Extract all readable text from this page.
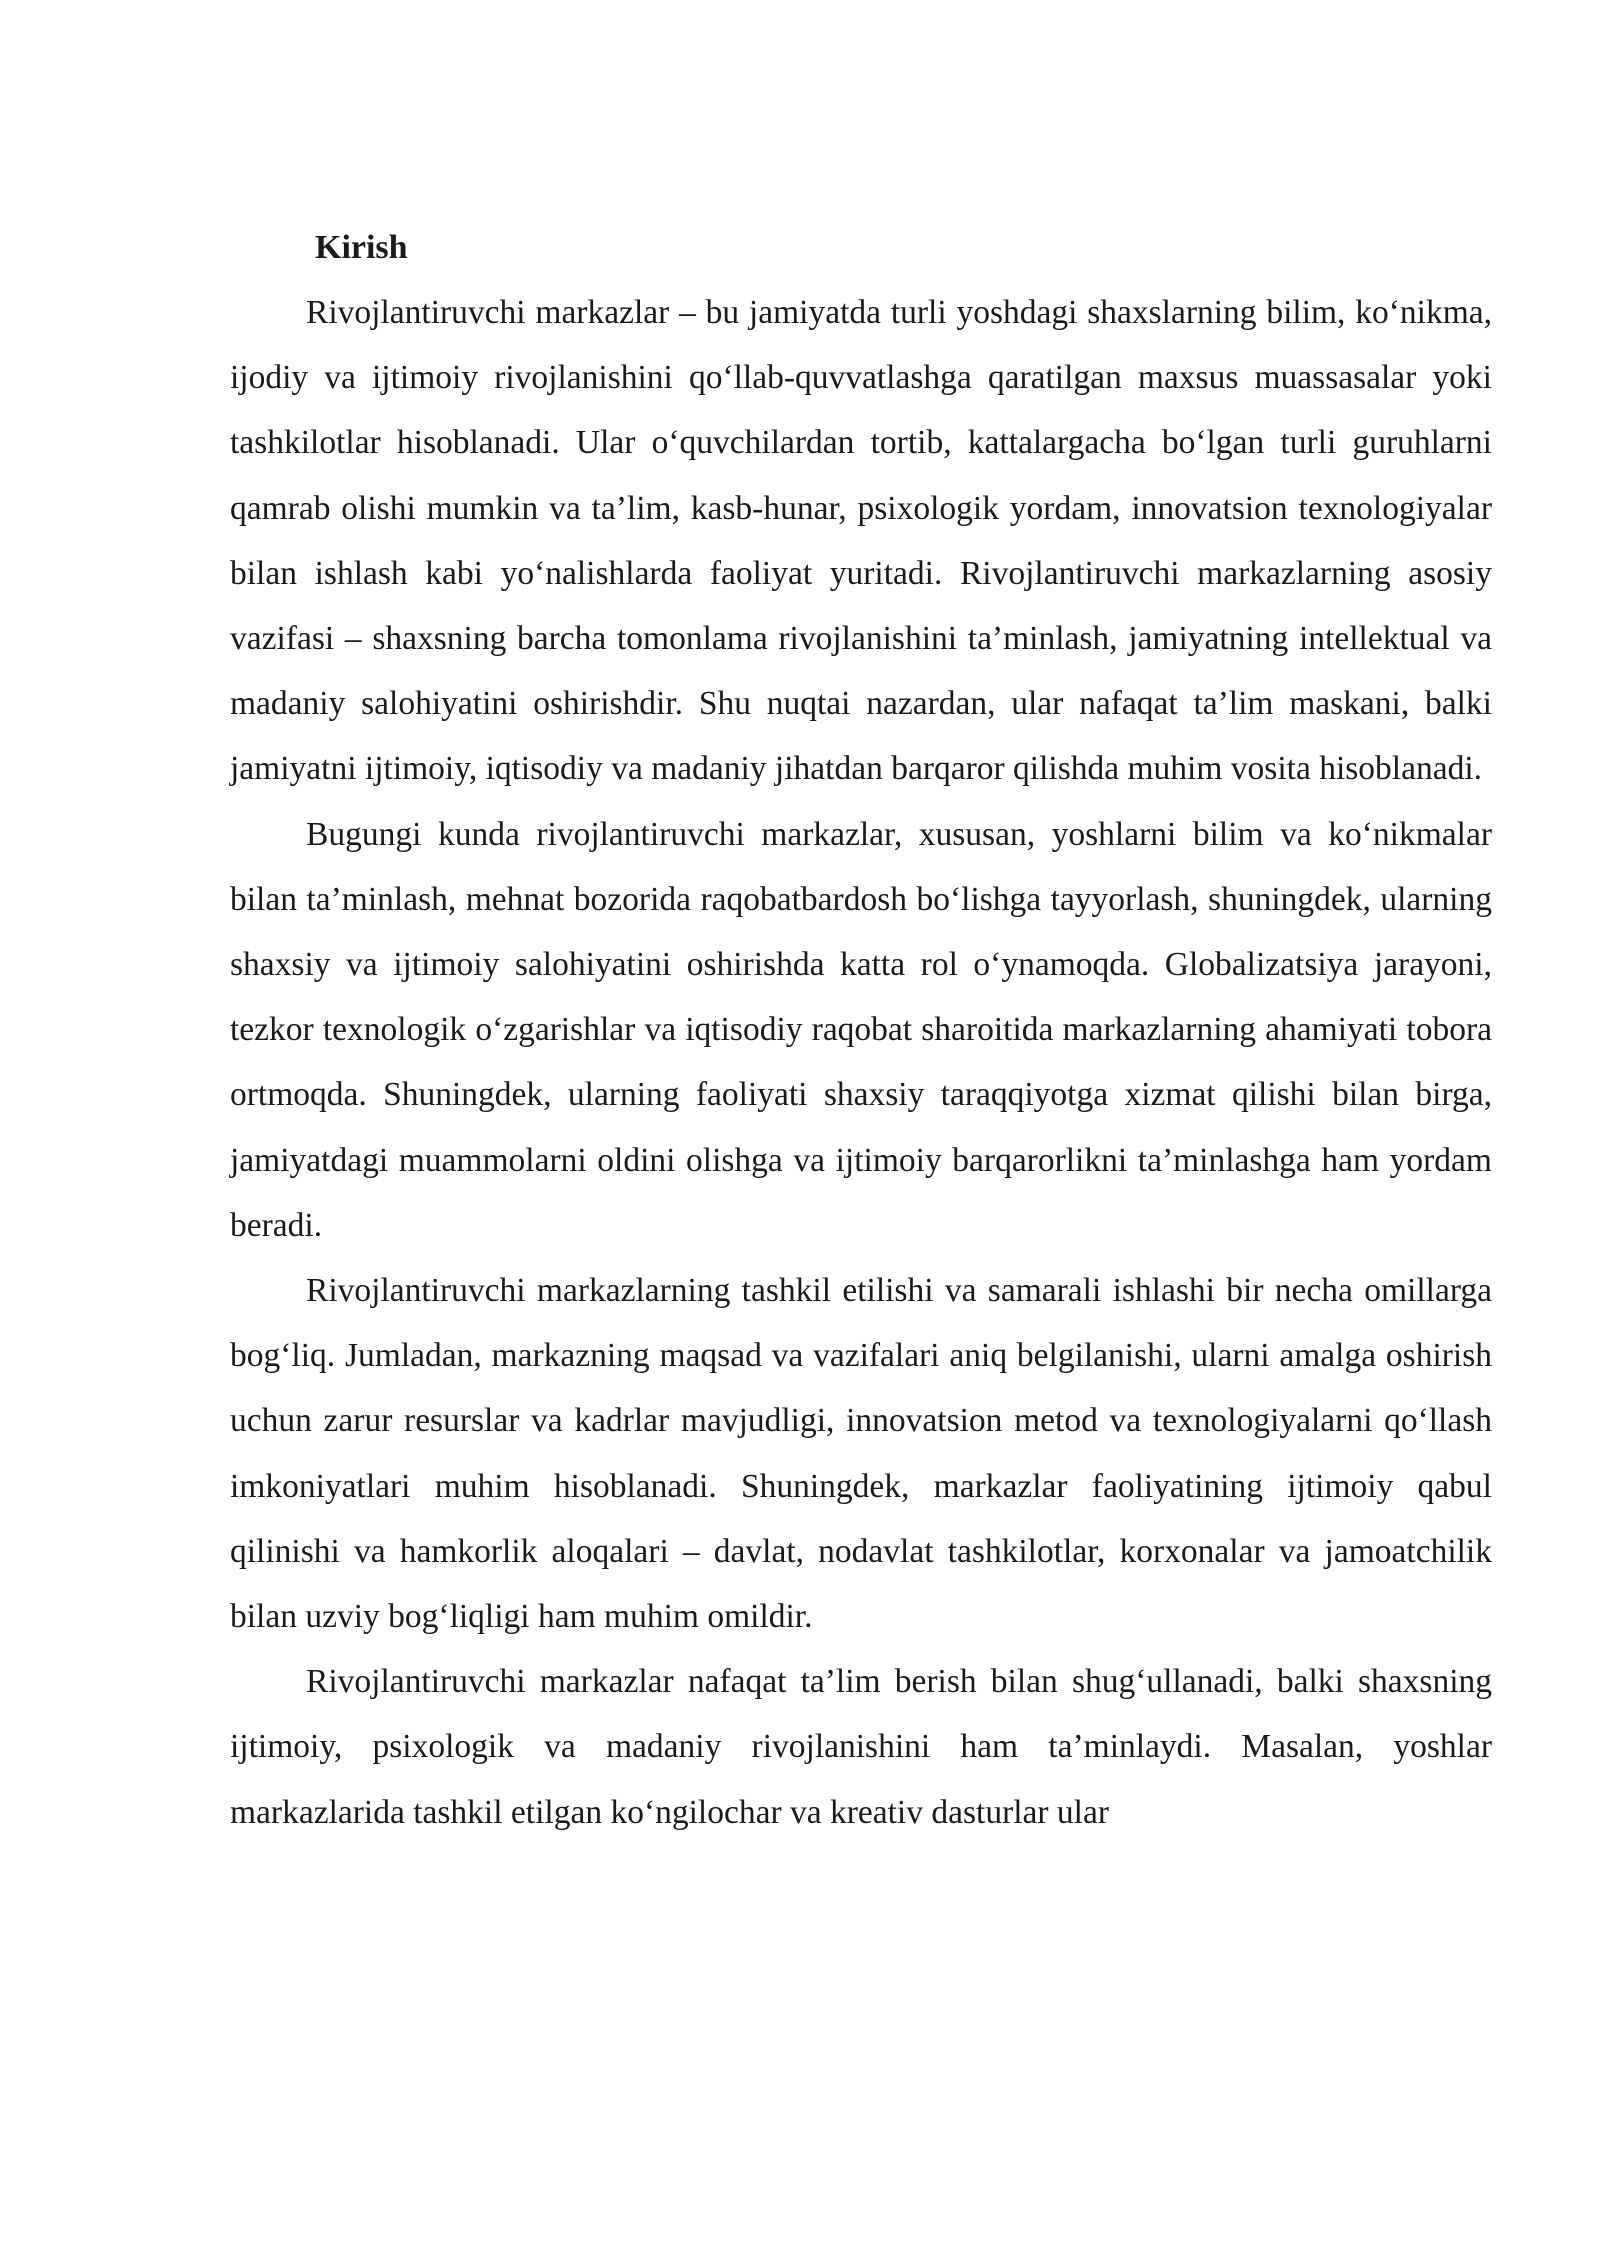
Kirish

Rivojlantiruvchi markazlar – bu jamiyatda turli yoshdagi shaxslarning bilim, ko‘nikma, ijodiy va ijtimoiy rivojlanishini qo‘llab-quvvatlashga qaratilgan maxsus muassasalar yoki tashkilotlar hisoblanadi. Ular o‘quvchilardan tortib, kattalargacha bo‘lgan turli guruhlarni qamrab olishi mumkin va ta’lim, kasb-hunar, psixologik yordam, innovatsion texnologiyalar bilan ishlash kabi yo‘nalishlarda faoliyat yuritadi. Rivojlantiruvchi markazlarning asosiy vazifasi – shaxsning barcha tomonlama rivojlanishini ta’minlash, jamiyatning intellektual va madaniy salohiyatini oshirishdir. Shu nuqtai nazardan, ular nafaqat ta’lim maskani, balki jamiyatni ijtimoiy, iqtisodiy va madaniy jihatdan barqaror qilishda muhim vosita hisoblanadi.

Bugungi kunda rivojlantiruvchi markazlar, xususan, yoshlarni bilim va ko‘nikmalar bilan ta’minlash, mehnat bozorida raqobatbardosh bo‘lishga tayyorlash, shuningdek, ularning shaxsiy va ijtimoiy salohiyatini oshirishda katta rol o‘ynamoqda. Globalizatsiya jarayoni, tezkor texnologik o‘zgarishlar va iqtisodiy raqobat sharoitida markazlarning ahamiyati tobora ortmoqda. Shuningdek, ularning faoliyati shaxsiy taraqqiyotga xizmat qilishi bilan birga, jamiyatdagi muammolarni oldini olishga va ijtimoiy barqarorlikni ta’minlashga ham yordam beradi.

Rivojlantiruvchi markazlarning tashkil etilishi va samarali ishlashi bir necha omillarga bog‘liq. Jumladan, markazning maqsad va vazifalari aniq belgilanishi, ularni amalga oshirish uchun zarur resurslar va kadrlar mavjudligi, innovatsion metod va texnologiyalarni qo‘llash imkoniyatlari muhim hisoblanadi. Shuningdek, markazlar faoliyatining ijtimoiy qabul qilinishi va hamkorlik aloqalari – davlat, nodavlat tashkilotlar, korxonalar va jamoatchilik bilan uzviy bog‘liqligi ham muhim omildir.

Rivojlantiruvchi markazlar nafaqat ta’lim berish bilan shug‘ullanadi, balki shaxsning ijtimoiy, psixologik va madaniy rivojlanishini ham ta’minlaydi. Masalan, yoshlar markazlarida tashkil etilgan ko‘ngilochar va kreativ dasturlar ular
